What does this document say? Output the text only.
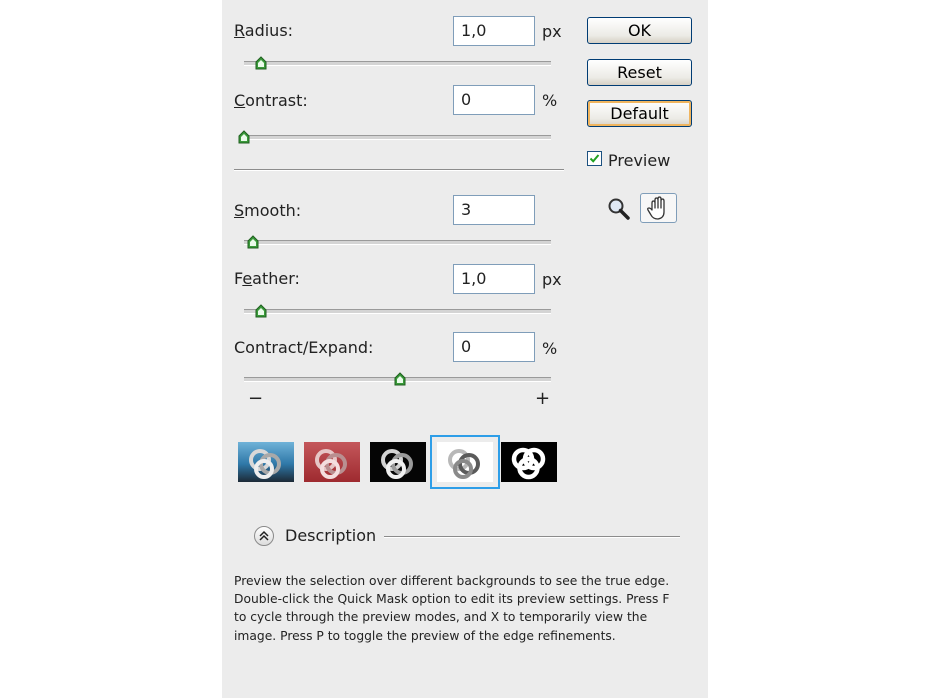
Radius:	1,0	px
Contrast:	0	%
Smooth:	3
Feather:	1,0	px
Contract/Expand:	0	%
−	+
OK
Reset
Default
Preview
Description
Preview the selection over different backgrounds to see the true edge. Double-click the Quick Mask option to edit its preview settings. Press F to cycle through the preview modes, and X to temporarily view the image. Press P to toggle the preview of the edge refinements.
